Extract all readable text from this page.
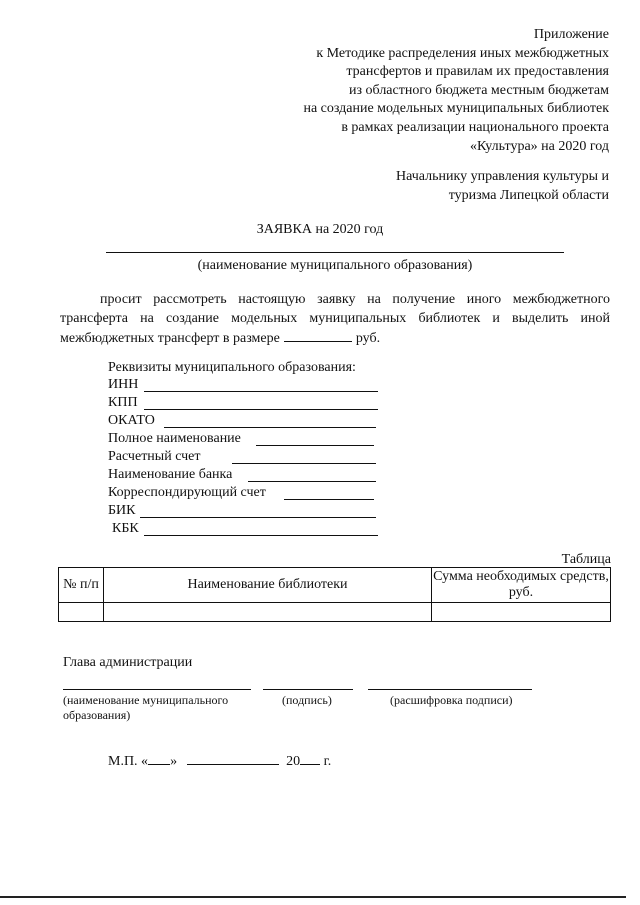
Приложение
к Методике распределения иных межбюджетных
трансфертов и правилам их предоставления
из областного бюджета местным бюджетам
на создание модельных муниципальных библиотек
в рамках реализации национального проекта
«Культура» на 2020 год
Начальнику управления культуры и
туризма Липецкой области
ЗАЯВКА на 2020 год
(наименование муниципального образования)
просит рассмотреть настоящую заявку на получение иного межбюджетного трансферта на создание модельных муниципальных библиотек и выделить иной межбюджетных трансферт в размере	руб.
Реквизиты муниципального образования:
ИНН
КПП
ОКАТО
Полное наименование
Расчетный счет
Наименование банка
Корреспондирующий счет
БИК
КБК
Таблица
№ п/п	Наименование библиотеки	Сумма необходимых средств, руб.

Глава администрации
(наименование муниципального образования)
(подпись)	(расшифровка подписи)
М.П. « »	20 г.
